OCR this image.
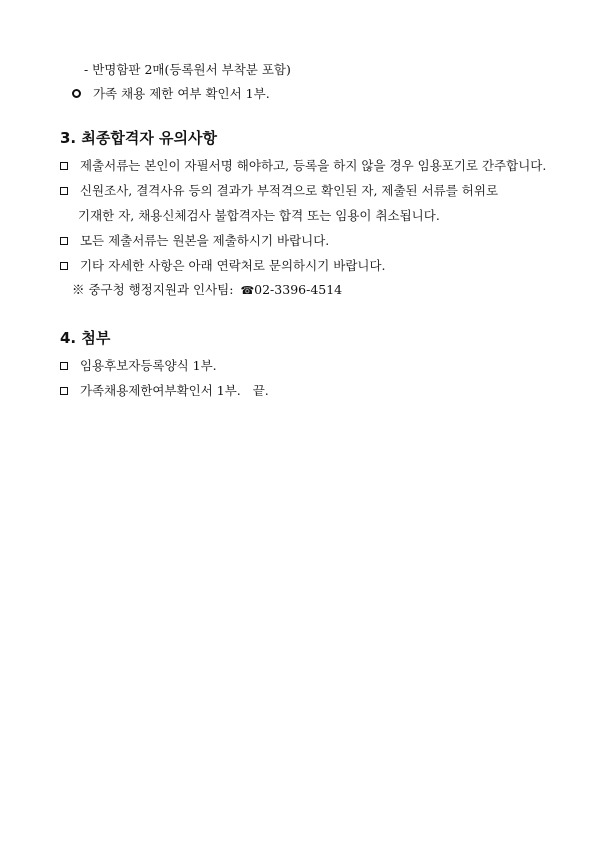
- 반명함판 2매(등록원서 부착분 포함)
가족 채용 제한 여부 확인서 1부.
3. 최종합격자 유의사항
제출서류는 본인이 자필서명 해야하고, 등록을 하지 않을 경우 임용포기로 간주합니다.
신원조사, 결격사유 등의 결과가 부적격으로 확인된 자, 제출된 서류를 허위로
기재한 자, 채용신체검사 불합격자는 합격 또는 임용이 취소됩니다.
모든 제출서류는 원본을 제출하시기 바랍니다.
기타 자세한 사항은 아래 연락처로 문의하시기 바랍니다.
※ 중구청 행정지원과 인사팀: ☎02-3396-4514
4. 첨부
임용후보자등록양식 1부.
가족채용제한여부확인서 1부.   끝.
